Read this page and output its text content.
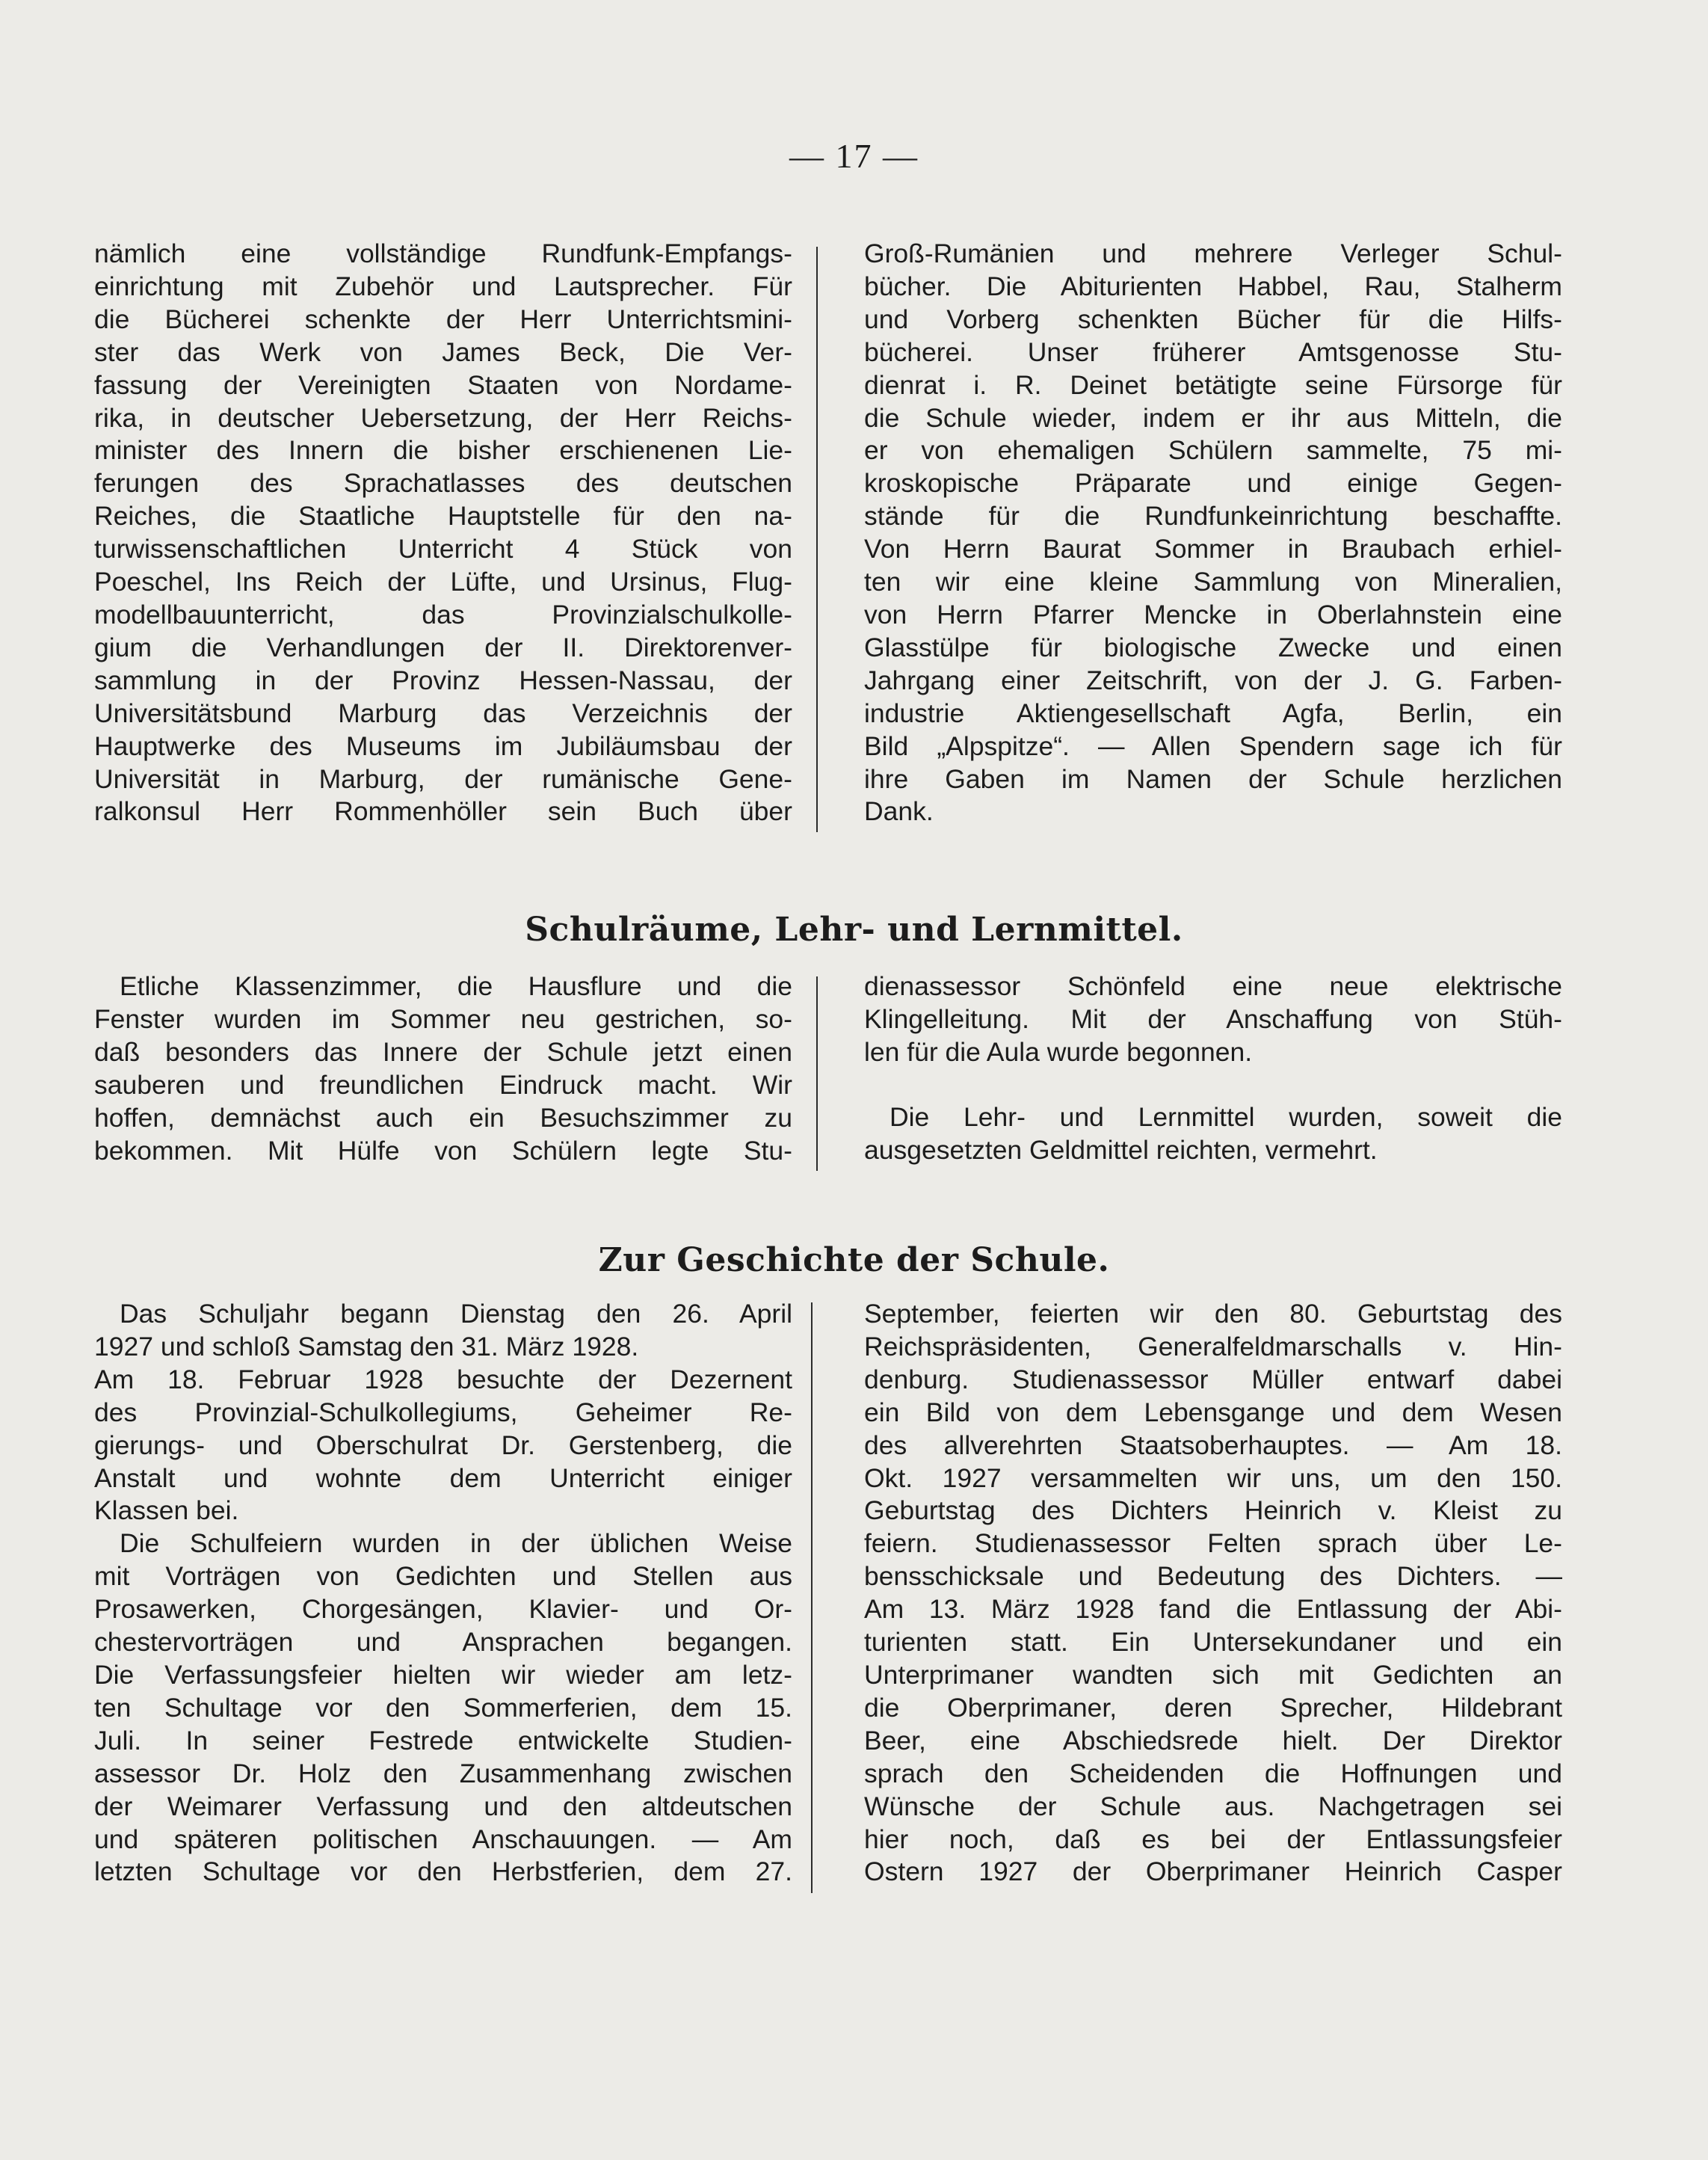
— 17 —

nämlich eine vollständige Rundfunk-Empfangs-
einrichtung mit Zubehör und Lautsprecher. Für
die Bücherei schenkte der Herr Unterrichtsmini-
ster das Werk von James Beck, Die Ver-
fassung der Vereinigten Staaten von Nordame-
rika, in deutscher Uebersetzung, der Herr Reichs-
minister des Innern die bisher erschienenen Lie-
ferungen des Sprachatlasses des deutschen
Reiches, die Staatliche Hauptstelle für den na-
turwissenschaftlichen Unterricht 4 Stück von
Poeschel, Ins Reich der Lüfte, und Ursinus, Flug-
modellbauunterricht, das Provinzialschulkolle-
gium die Verhandlungen der II. Direktorenver-
sammlung in der Provinz Hessen-Nassau, der
Universitätsbund Marburg das Verzeichnis der
Hauptwerke des Museums im Jubiläumsbau der
Universität in Marburg, der rumänische Gene-
ralkonsul Herr Rommenhöller sein Buch über

Groß-Rumänien und mehrere Verleger Schul-
bücher. Die Abiturienten Habbel, Rau, Stalherm
und Vorberg schenkten Bücher für die Hilfs-
bücherei. Unser früherer Amtsgenosse Stu-
dienrat i. R. Deinet betätigte seine Fürsorge für
die Schule wieder, indem er ihr aus Mitteln, die
er von ehemaligen Schülern sammelte, 75 mi-
kroskopische Präparate und einige Gegen-
stände für die Rundfunkeinrichtung beschaffte.
Von Herrn Baurat Sommer in Braubach erhiel-
ten wir eine kleine Sammlung von Mineralien,
von Herrn Pfarrer Mencke in Oberlahnstein eine
Glasstülpe für biologische Zwecke und einen
Jahrgang einer Zeitschrift, von der J. G. Farben-
industrie Aktiengesellschaft Agfa, Berlin, ein
Bild „Alpspitze“. — Allen Spendern sage ich für
ihre Gaben im Namen der Schule herzlichen
Dank.

Schulräume, Lehr- und Lernmittel.

Etliche Klassenzimmer, die Hausflure und die
Fenster wurden im Sommer neu gestrichen, so-
daß besonders das Innere der Schule jetzt einen
sauberen und freundlichen Eindruck macht. Wir
hoffen, demnächst auch ein Besuchszimmer zu
bekommen. Mit Hülfe von Schülern legte Stu-

dienassessor Schönfeld eine neue elektrische
Klingelleitung. Mit der Anschaffung von Stüh-
len für die Aula wurde begonnen.

Die Lehr- und Lernmittel wurden, soweit die
ausgesetzten Geldmittel reichten, vermehrt.

Zur Geschichte der Schule.

Das Schuljahr begann Dienstag den 26. April
1927 und schloß Samstag den 31. März 1928.
Am 18. Februar 1928 besuchte der Dezernent
des Provinzial-Schulkollegiums, Geheimer Re-
gierungs- und Oberschulrat Dr. Gerstenberg, die
Anstalt und wohnte dem Unterricht einiger
Klassen bei.
Die Schulfeiern wurden in der üblichen Weise
mit Vorträgen von Gedichten und Stellen aus
Prosawerken, Chorgesängen, Klavier- und Or-
chestervorträgen und Ansprachen begangen.
Die Verfassungsfeier hielten wir wieder am letz-
ten Schultage vor den Sommerferien, dem 15.
Juli. In seiner Festrede entwickelte Studien-
assessor Dr. Holz den Zusammenhang zwischen
der Weimarer Verfassung und den altdeutschen
und späteren politischen Anschauungen. — Am
letzten Schultage vor den Herbstferien, dem 27.

September, feierten wir den 80. Geburtstag des
Reichspräsidenten, Generalfeldmarschalls v. Hin-
denburg. Studienassessor Müller entwarf dabei
ein Bild von dem Lebensgange und dem Wesen
des allverehrten Staatsoberhauptes. — Am 18.
Okt. 1927 versammelten wir uns, um den 150.
Geburtstag des Dichters Heinrich v. Kleist zu
feiern. Studienassessor Felten sprach über Le-
bensschicksale und Bedeutung des Dichters. —
Am 13. März 1928 fand die Entlassung der Abi-
turienten statt. Ein Untersekundaner und ein
Unterprimaner wandten sich mit Gedichten an
die Oberprimaner, deren Sprecher, Hildebrant
Beer, eine Abschiedsrede hielt. Der Direktor
sprach den Scheidenden die Hoffnungen und
Wünsche der Schule aus. Nachgetragen sei
hier noch, daß es bei der Entlassungsfeier
Ostern 1927 der Oberprimaner Heinrich Casper
